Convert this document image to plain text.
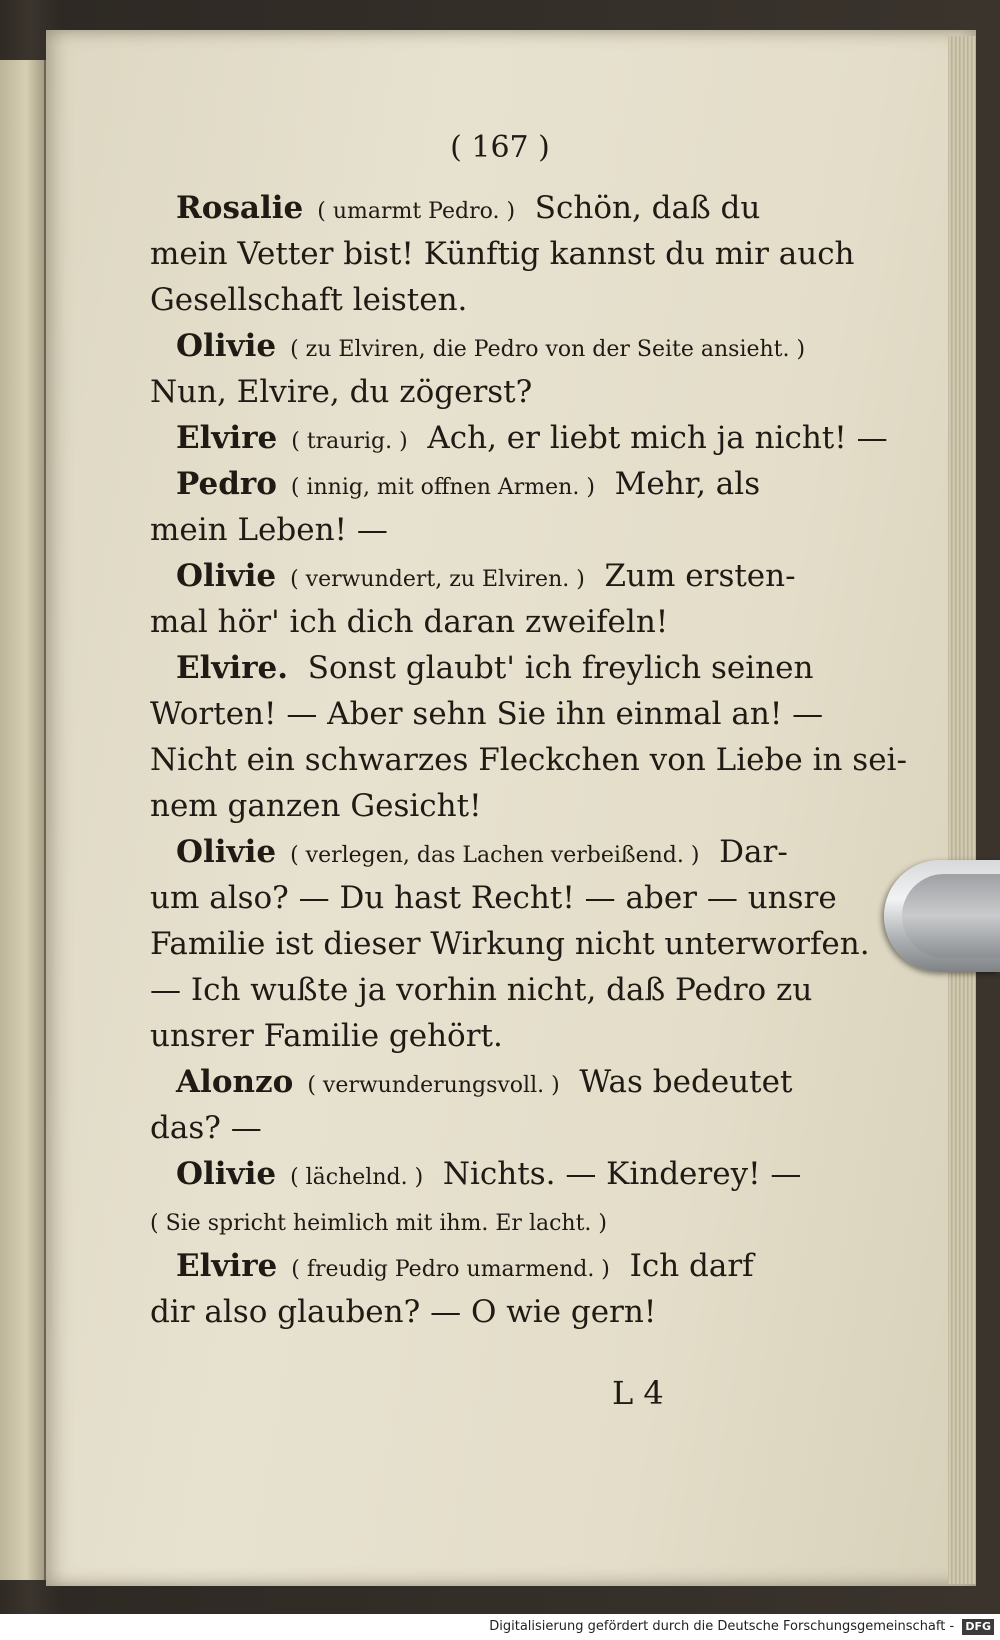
( 167 )
Rosalie  ( umarmt Pedro. )  Schön, daß du
mein Vetter bist! Künftig kannst du mir auch
Gesellschaft leisten.
Olivie  ( zu Elviren, die Pedro von der Seite ansieht. )
Nun, Elvire, du zögerst?
Elvire  ( traurig. )  Ach, er liebt mich ja nicht! —
Pedro  ( innig, mit offnen Armen. )  Mehr, als
mein Leben! —
Olivie  ( verwundert, zu Elviren. )  Zum ersten-
mal hör' ich dich daran zweifeln!
Elvire.  Sonst glaubt' ich freylich seinen
Worten! — Aber sehn Sie ihn einmal an! —
Nicht ein schwarzes Fleckchen von Liebe in sei-
nem ganzen Gesicht!
Olivie  ( verlegen, das Lachen verbeißend. )  Dar-
um also? — Du hast Recht! — aber — unsre
Familie ist dieser Wirkung nicht unterworfen.
— Ich wußte ja vorhin nicht, daß Pedro zu
unsrer Familie gehört.
Alonzo  ( verwunderungsvoll. )  Was bedeutet
das? —
Olivie  ( lächelnd. )  Nichts. — Kinderey! —
( Sie spricht heimlich mit ihm. Er lacht. )
Elvire  ( freudig Pedro umarmend. )  Ich darf
dir also glauben? — O wie gern!
L 4
Digitalisierung gefördert durch die Deutsche Forschungsgemeinschaft - DFG
